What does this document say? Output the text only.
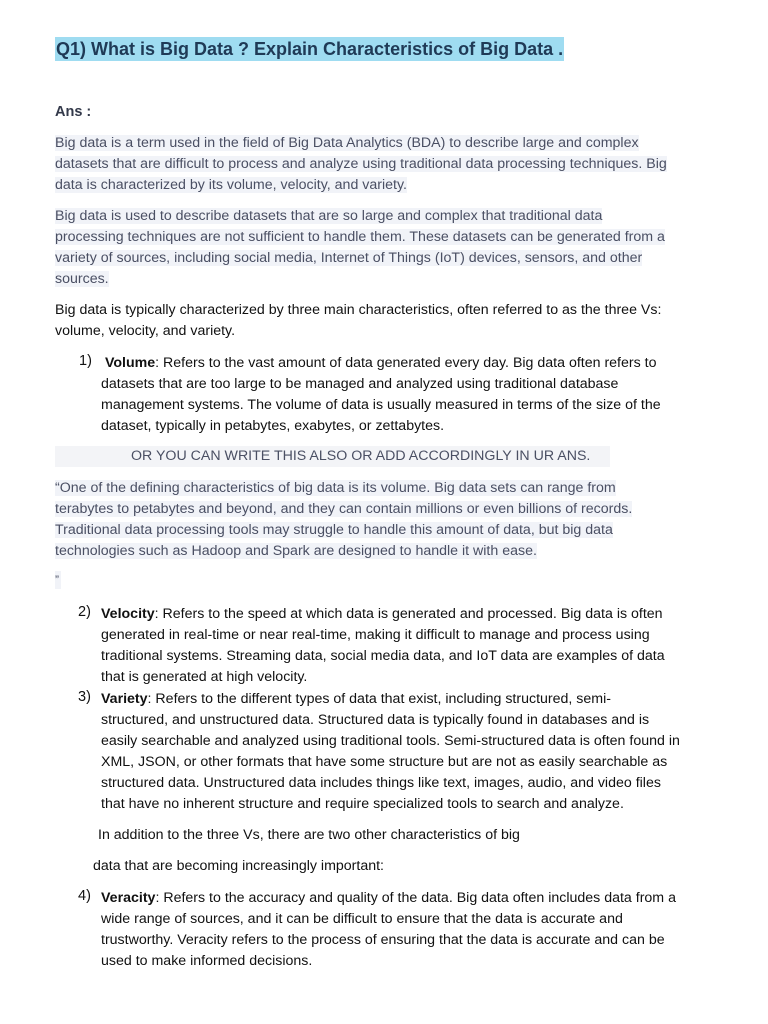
Q1) What is Big Data ? Explain Characteristics of Big Data .
Ans :
Big data is a term used in the field of Big Data Analytics (BDA) to describe large and complex
datasets that are difficult to process and analyze using traditional data processing techniques. Big
data is characterized by its volume, velocity, and variety.
Big data is used to describe datasets that are so large and complex that traditional data
processing techniques are not sufficient to handle them. These datasets can be generated from a
variety of sources, including social media, Internet of Things (IoT) devices, sensors, and other
sources.
Big data is typically characterized by three main characteristics, often referred to as the three Vs:
volume, velocity, and variety.
1) Volume: Refers to the vast amount of data generated every day. Big data often refers to
datasets that are too large to be managed and analyzed using traditional database
management systems. The volume of data is usually measured in terms of the size of the
dataset, typically in petabytes, exabytes, or zettabytes.
OR YOU CAN WRITE THIS ALSO OR ADD ACCORDINGLY IN UR ANS.
“One of the defining characteristics of big data is its volume. Big data sets can range from
terabytes to petabytes and beyond, and they can contain millions or even billions of records.
Traditional data processing tools may struggle to handle this amount of data, but big data
technologies such as Hadoop and Spark are designed to handle it with ease.
”
2) Velocity: Refers to the speed at which data is generated and processed. Big data is often
generated in real-time or near real-time, making it difficult to manage and process using
traditional systems. Streaming data, social media data, and IoT data are examples of data
that is generated at high velocity.
3) Variety: Refers to the different types of data that exist, including structured, semi-
structured, and unstructured data. Structured data is typically found in databases and is
easily searchable and analyzed using traditional tools. Semi-structured data is often found in
XML, JSON, or other formats that have some structure but are not as easily searchable as
structured data. Unstructured data includes things like text, images, audio, and video files
that have no inherent structure and require specialized tools to search and analyze.
In addition to the three Vs, there are two other characteristics of big
data that are becoming increasingly important:
4) Veracity: Refers to the accuracy and quality of the data. Big data often includes data from a
wide range of sources, and it can be difficult to ensure that the data is accurate and
trustworthy. Veracity refers to the process of ensuring that the data is accurate and can be
used to make informed decisions.
